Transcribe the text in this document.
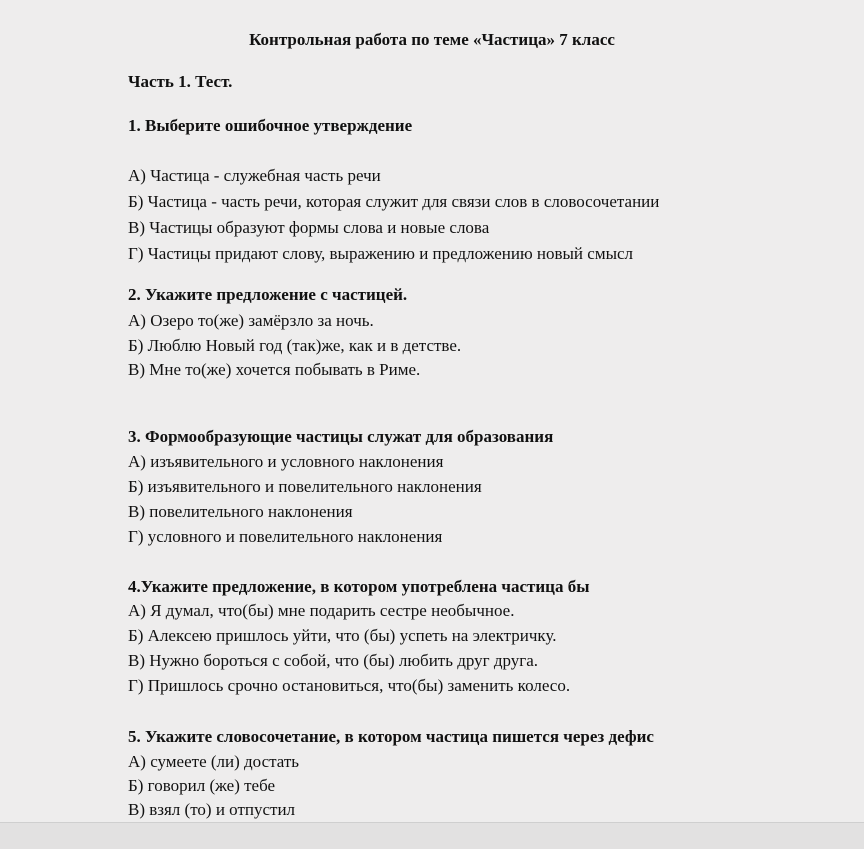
Контрольная работа по теме «Частица» 7 класс
Часть 1. Тест.
1. Выберите ошибочное утверждение
А) Частица - служебная часть речи
Б) Частица - часть речи, которая служит для связи слов в словосочетании
В) Частицы образуют формы слова и новые слова
Г) Частицы придают слову, выражению и предложению новый смысл
2. Укажите предложение с частицей.
А) Озеро то(же) замёрзло за ночь.
Б) Люблю Новый год (так)же, как и в детстве.
В) Мне то(же) хочется побывать в Риме.
3. Формообразующие частицы служат для образования
А) изъявительного и условного наклонения
Б) изъявительного и повелительного наклонения
В) повелительного наклонения
Г) условного и повелительного наклонения
4.Укажите предложение, в котором употреблена частица бы
А) Я думал, что(бы) мне подарить сестре необычное.
Б) Алексею пришлось уйти, что (бы) успеть на электричку.
В) Нужно бороться с собой, что (бы) любить друг друга.
Г) Пришлось срочно остановиться, что(бы) заменить колесо.
5. Укажите словосочетание, в котором частица пишется через дефис
А) сумеете (ли) достать
Б) говорил (же) тебе
В) взял (то) и отпустил
